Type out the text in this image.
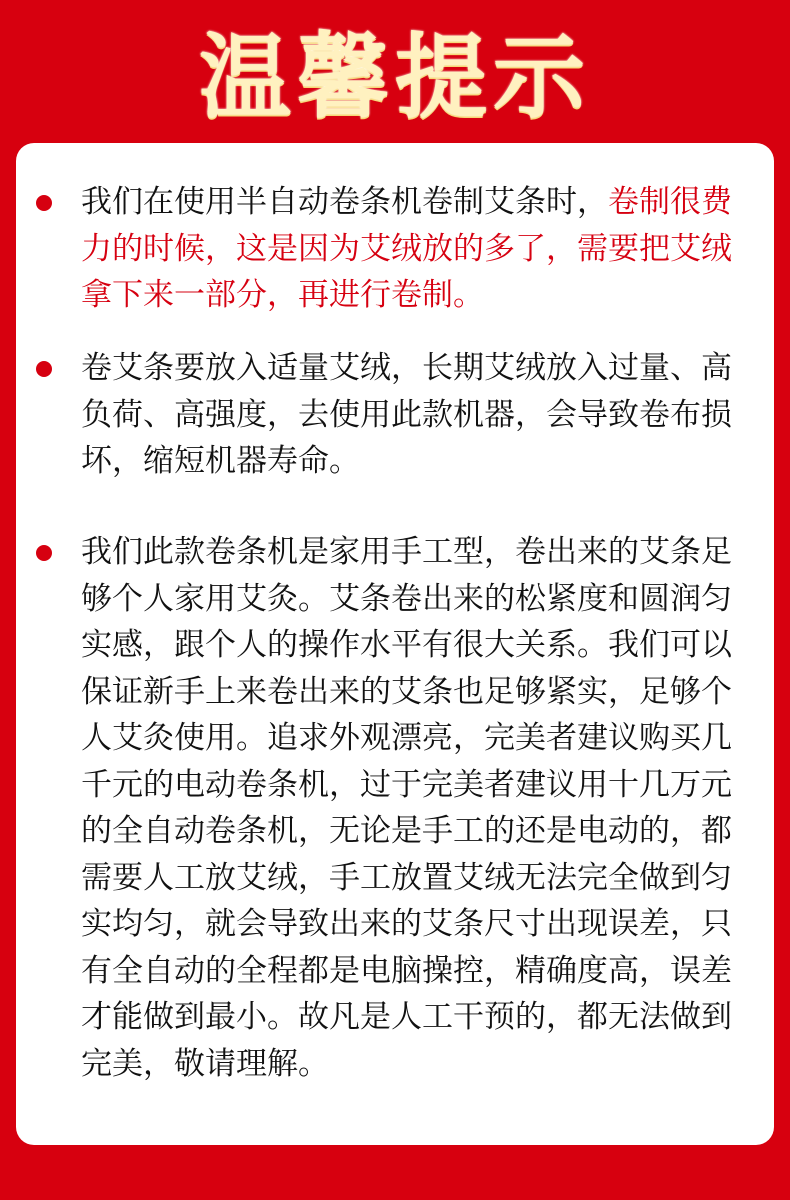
温馨提示
我们在使用半自动卷条机卷制艾条时，卷制很费力的时候，这是因为艾绒放的多了，需要把艾绒拿下来一部分，再进行卷制。
卷艾条要放入适量艾绒，长期艾绒放入过量、高负荷、高强度，去使用此款机器，会导致卷布损坏，缩短机器寿命。
我们此款卷条机是家用手工型，卷出来的艾条足够个人家用艾灸。艾条卷出来的松紧度和圆润匀实感，跟个人的操作水平有很大关系。我们可以保证新手上来卷出来的艾条也足够紧实，足够个人艾灸使用。追求外观漂亮，完美者建议购买几千元的电动卷条机，过于完美者建议用十几万元的全自动卷条机，无论是手工的还是电动的，都需要人工放艾绒，手工放置艾绒无法完全做到匀实均匀，就会导致出来的艾条尺寸出现误差，只有全自动的全程都是电脑操控，精确度高，误差才能做到最小。故凡是人工干预的，都无法做到完美，敬请理解。
